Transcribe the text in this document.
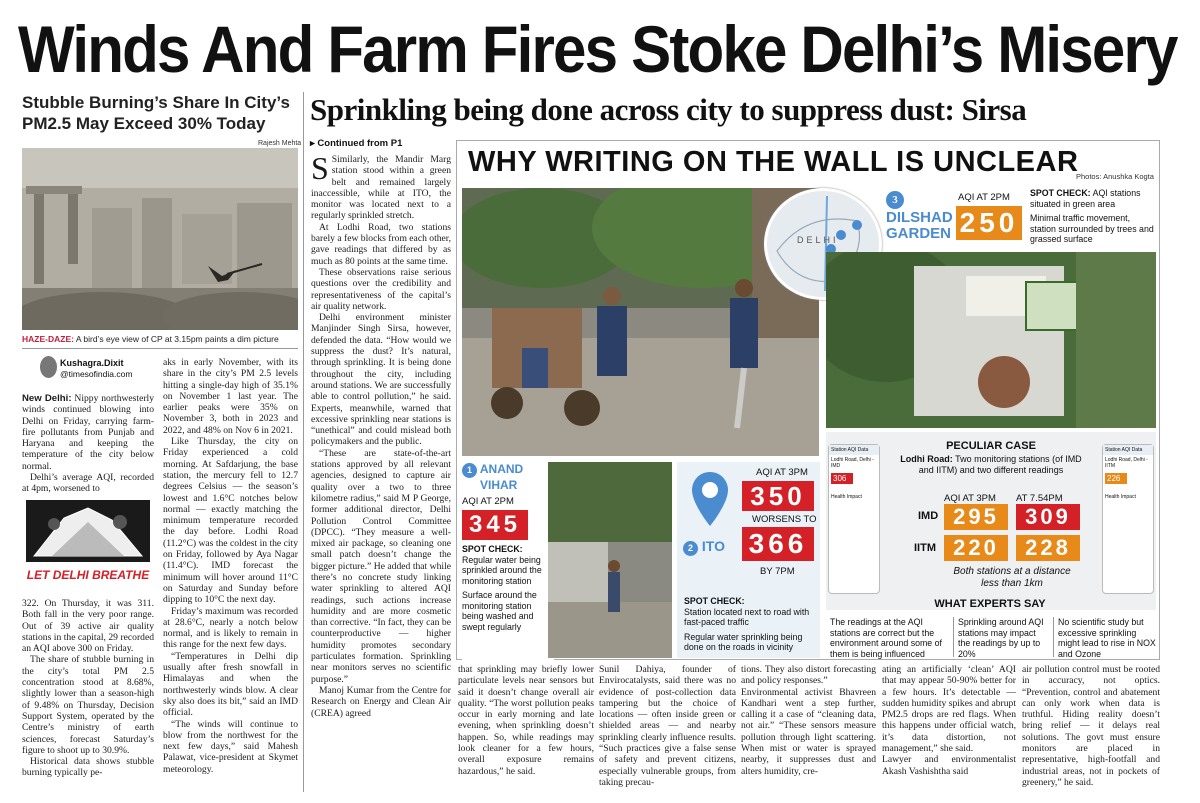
Winds And Farm Fires Stoke Delhi’s Misery
Stubble Burning’s Share In City’s PM2.5 May Exceed 30% Today	Sprinkling being done across city to suppress dust: Sirsa
Rajesh Mehta
HAZE-DAZE: A bird’s eye view of CP at 3.15pm paints a dim picture
Kushagra.Dixit
@timesofindia.com

New Delhi: Nippy northwesterly winds continued blowing into Delhi on Friday, carrying farm-fire pollutants from Punjab and Haryana and keeping the temperature of the city below normal.

Delhi’s average AQI, recorded at 4pm, worsened to

LET DELHI BREATHE

322. On Thursday, it was 311. Both fall in the very poor range. Out of 39 active air quality stations in the capital, 29 recorded an AQI above 300 on Friday.

The share of stubble burning in the city’s total PM 2.5 concentration stood at 8.68%, slightly lower than a season-high of 9.48% on Thursday, Decision Support System, operated by the Centre’s ministry of earth sciences, forecast Saturday’s figure to shoot up to 30.9%.

Historical data shows stubble burning typically pe-

aks in early November, with its share in the city’s PM 2.5 levels hitting a single-day high of 35.1% on November 1 last year. The earlier peaks were 35% on November 3, both in 2023 and 2022, and 48% on Nov 6 in 2021.

Like Thursday, the city on Friday experienced a cold morning. At Safdarjung, the base station, the mercury fell to 12.7 degrees Celsius — the season’s lowest and 1.6°C notches below normal — exactly matching the minimum temperature recorded the day before. Lodhi Road (11.2°C) was the coldest in the city on Friday, followed by Aya Nagar (11.4°C). IMD forecast the minimum will hover around 11°C on Saturday and Sunday before dipping to 10°C the next day.

Friday’s maximum was recorded at 28.6°C, nearly a notch below normal, and is likely to remain in this range for the next few days.

“Temperatures in Delhi dip usually after fresh snowfall in Himalayas and when the northwesterly winds blow. A clear sky also does its bit,” said an IMD official.

“The winds will continue to blow from the northwest for the next few days,” said Mahesh Palawat, vice-president at Skymet meteorology.

▸ Continued from P1

S Similarly, the Mandir Marg station stood within a green belt and remained largely inaccessible, while at ITO, the monitor was located next to a regularly sprinkled stretch.

At Lodhi Road, two stations barely a few blocks from each other, gave readings that differed by as much as 80 points at the same time.

These observations raise serious questions over the credibility and representativeness of the capital’s air quality network.

Delhi environment minister Manjinder Singh Sirsa, however, defended the data. “How would we suppress the dust? It’s natural, through sprinkling. It is being done throughout the city, including around stations. We are successfully able to control pollution,” he said. Experts, meanwhile, warned that excessive sprinkling near stations is “unethical” and could mislead both policymakers and the public.

“These are state-of-the-art stations approved by all relevant agencies, designed to capture air quality over a two to three kilometre radius,” said M P George, former additional director, Delhi Pollution Control Committee (DPCC). “They measure a well-mixed air package, so cleaning one small patch doesn’t change the bigger picture.” He added that while there’s no concrete study linking water sprinkling to altered AQI readings, such actions increase humidity and are more cosmetic than corrective. “In fact, they can be counterproductive — higher humidity promotes secondary particulates formation. Sprinkling near monitors serves no scientific purpose.”

Manoj Kumar from the Centre for Research on Energy and Clean Air (CREA) agreed

WHY WRITING ON THE WALL IS UNCLEAR
Photos: Anushka Kogta
DELHI
3
DILSHAD
GARDEN
AQI AT 2PM
250
SPOT CHECK: AQI stations situated in green area
Minimal traffic movement, station surrounded by trees and grassed surface
1 ANAND
VIHAR
AQI AT 2PM
345
SPOT CHECK:
Regular water being sprinkled around the monitoring station
Surface around the monitoring station being washed and swept regularly
2 ITO
AQI AT 3PM
350
WORSENS TO
366
BY 7PM
SPOT CHECK:
Station located next to road with fast-paced traffic
Regular water sprinkling being done on the roads in vicinity
Station AQI Data
Lodhi Road, Delhi - IMD
306
Health Impact
Station AQI Data
Lodhi Road, Delhi - IITM
226
Health Impact
PECULIAR CASE
Lodhi Road: Two monitoring stations (of IMD and IITM) and two different readings
AQI AT 3PM AT 7.54PM
IMD 295	309
IITM 220	228
Both stations at a distance less than 1km
WHAT EXPERTS SAY
The readings at the AQI stations are correct but the environment around some of them is being influenced
Sprinkling around AQI stations may impact the readings by up to 20%
No scientific study but excessive sprinkling might lead to rise in NOX and Ozone
that sprinkling may briefly lower particulate levels near sensors but said it doesn’t change overall air quality. “The worst pollution peaks occur in early morning and late evening, when sprinkling doesn’t happen. So, while readings may look cleaner for a few hours, overall exposure remains hazardous,” he said.
Sunil Dahiya, founder of Envirocatalysts, said there was no evidence of post-collection data tampering but the choice of locations — often inside green or shielded areas — and nearby sprinkling clearly influence results. “Such practices give a false sense of safety and prevent citizens, especially vulnerable groups, from taking precau-
tions. They also distort forecasting and policy responses.”
Environmental activist Bhavreen Kandhari went a step further, calling it a case of “cleaning data, not air.” “These sensors measure pollution through light scattering. When mist or water is sprayed nearby, it suppresses dust and alters humidity, cre-
ating an artificially ‘clean’ AQI that may appear 50-90% better for a few hours. It’s detectable — sudden humidity spikes and abrupt PM2.5 drops are red flags. When this happens under official watch, it’s data distortion, not management,” she said.
Lawyer and environmentalist Akash Vashishtha said
air pollution control must be rooted in accuracy, not optics. “Prevention, control and abatement can only work when data is truthful. Hiding reality doesn’t bring relief — it delays real solutions. The govt must ensure monitors are placed in representative, high-footfall and industrial areas, not in pockets of greenery,” he said.
